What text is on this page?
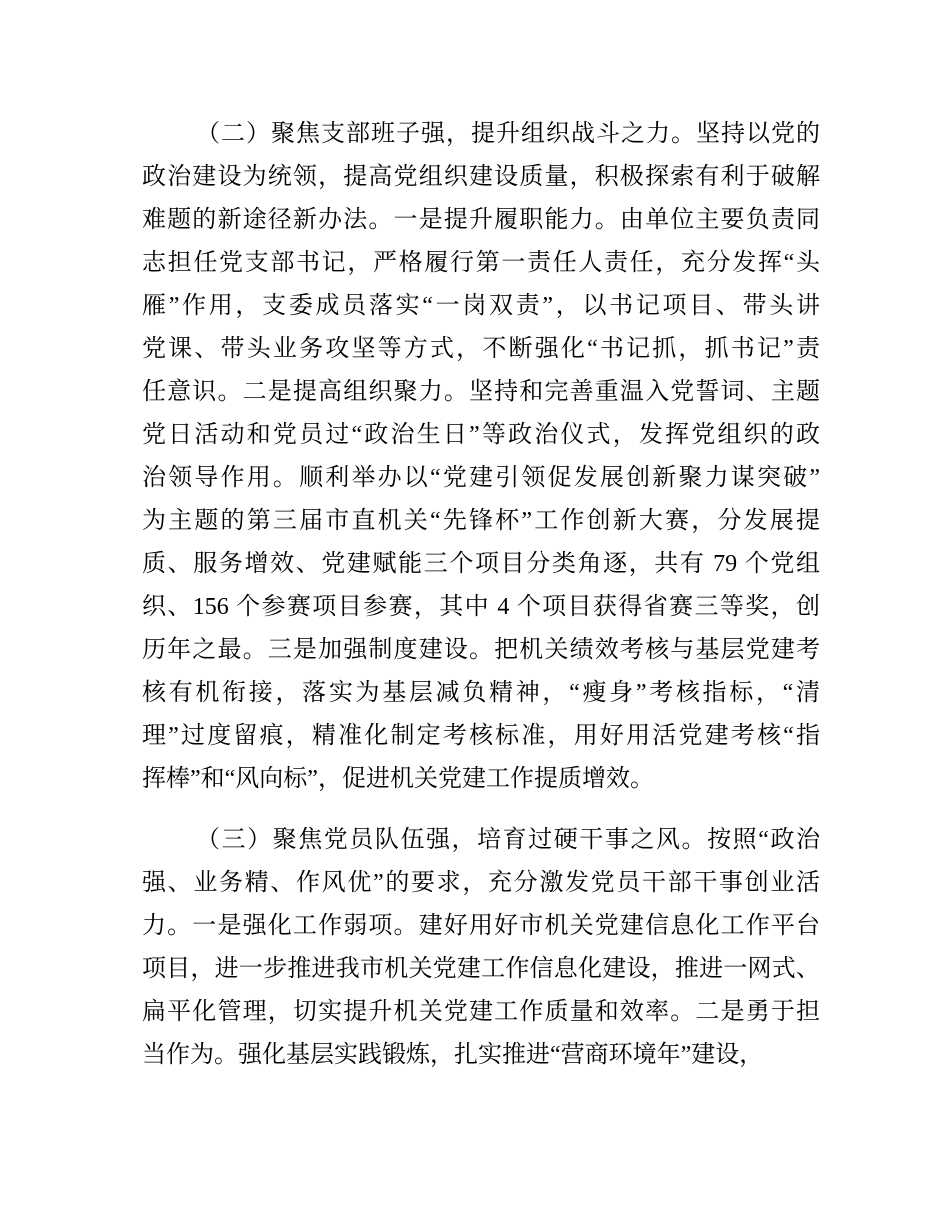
（二）聚焦支部班子强，提升组织战斗之力。坚持以党的
政治建设为统领，提高党组织建设质量，积极探索有利于破解
难题的新途径新办法。一是提升履职能力。由单位主要负责同
志担任党支部书记，严格履行第一责任人责任，充分发挥“头
雁”作用，支委成员落实“一岗双责”，以书记项目、带头讲
党课、带头业务攻坚等方式，不断强化“书记抓，抓书记”责
任意识。二是提高组织聚力。坚持和完善重温入党誓词、主题
党日活动和党员过“政治生日”等政治仪式，发挥党组织的政
治领导作用。顺利举办以“党建引领促发展创新聚力谋突破”
为主题的第三届市直机关“先锋杯”工作创新大赛，分发展提
质、服务增效、党建赋能三个项目分类角逐，共有 79 个党组
织、156 个参赛项目参赛，其中 4 个项目获得省赛三等奖，创
历年之最。三是加强制度建设。把机关绩效考核与基层党建考
核有机衔接，落实为基层减负精神，“瘦身”考核指标，“清
理”过度留痕，精准化制定考核标准，用好用活党建考核“指
挥棒”和“风向标”，促进机关党建工作提质增效。
（三）聚焦党员队伍强，培育过硬干事之风。按照“政治
强、业务精、作风优”的要求，充分激发党员干部干事创业活
力。一是强化工作弱项。建好用好市机关党建信息化工作平台
项目，进一步推进我市机关党建工作信息化建设，推进一网式、
扁平化管理，切实提升机关党建工作质量和效率。二是勇于担
当作为。强化基层实践锻炼，扎实推进“营商环境年”建设，
